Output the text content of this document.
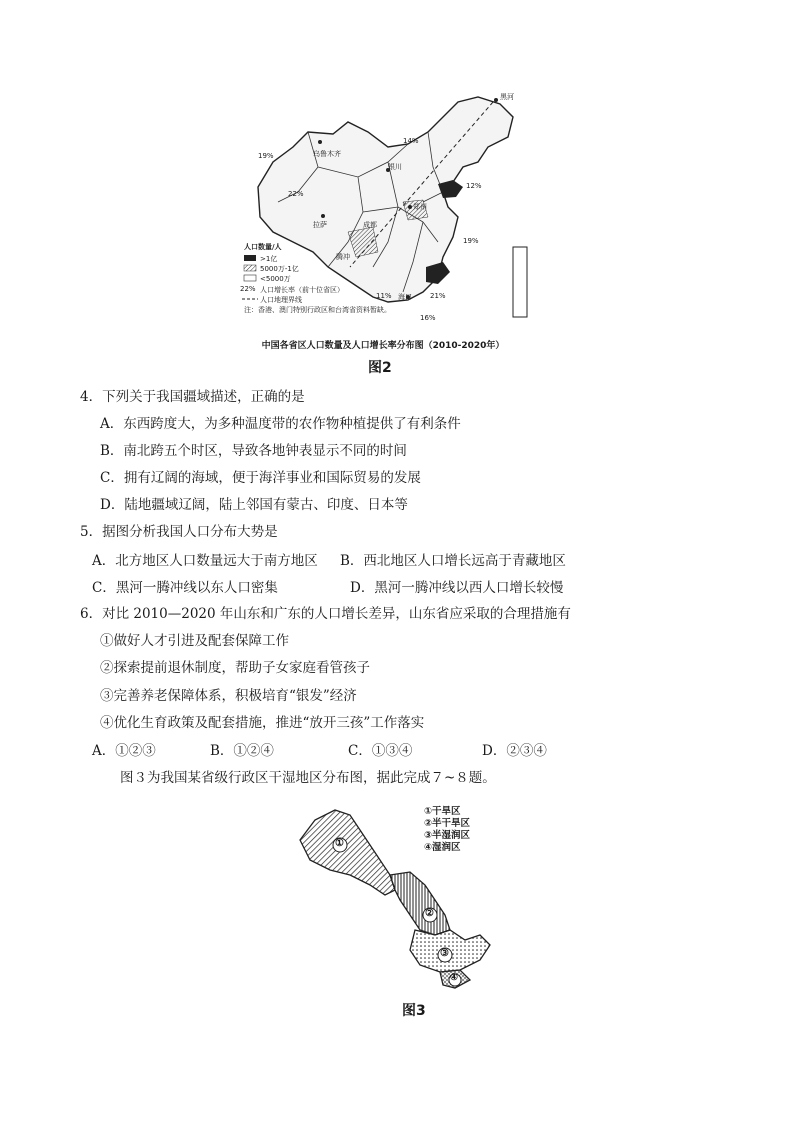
黑河
乌鲁木齐
拉萨
银川
郑州
成都
腾冲
海口
19%
22%
14%
12%
19%
11%	21%
16%
人口数量/人
>1亿
5000万-1亿
<5000万
22% 人口增长率（前十位省区）
人口地理界线
注：香港、澳门特别行政区和台湾省资料暂缺。
中国各省区人口数量及人口增长率分布图（2010-2020年）
图2
4．下列关于我国疆域描述，正确的是
A．东西跨度大，为多种温度带的农作物种植提供了有利条件
B．南北跨五个时区，导致各地钟表显示不同的时间
C．拥有辽阔的海域，便于海洋事业和国际贸易的发展
D．陆地疆域辽阔，陆上邻国有蒙古、印度、日本等
5．据图分析我国人口分布大势是
A．北方地区人口数量远大于南方地区 B．西北地区人口增长远高于青藏地区
C．黑河一腾冲线以东人口密集	D．黑河一腾冲线以西人口增长较慢
6．对比 2010—2020 年山东和广东的人口增长差异，山东省应采取的合理措施有
①做好人才引进及配套保障工作
②探索提前退休制度，帮助子女家庭看管孩子
③完善养老保障体系，积极培育“银发”经济
④优化生育政策及配套措施，推进“放开三孩”工作落实
A．①②③	B．①②④	C．①③④	D．②③④
图３为我国某省级行政区干湿地区分布图，据此完成７~８题。
①
②
③
④
①干旱区
②半干旱区
③半湿润区
④湿润区
图3
